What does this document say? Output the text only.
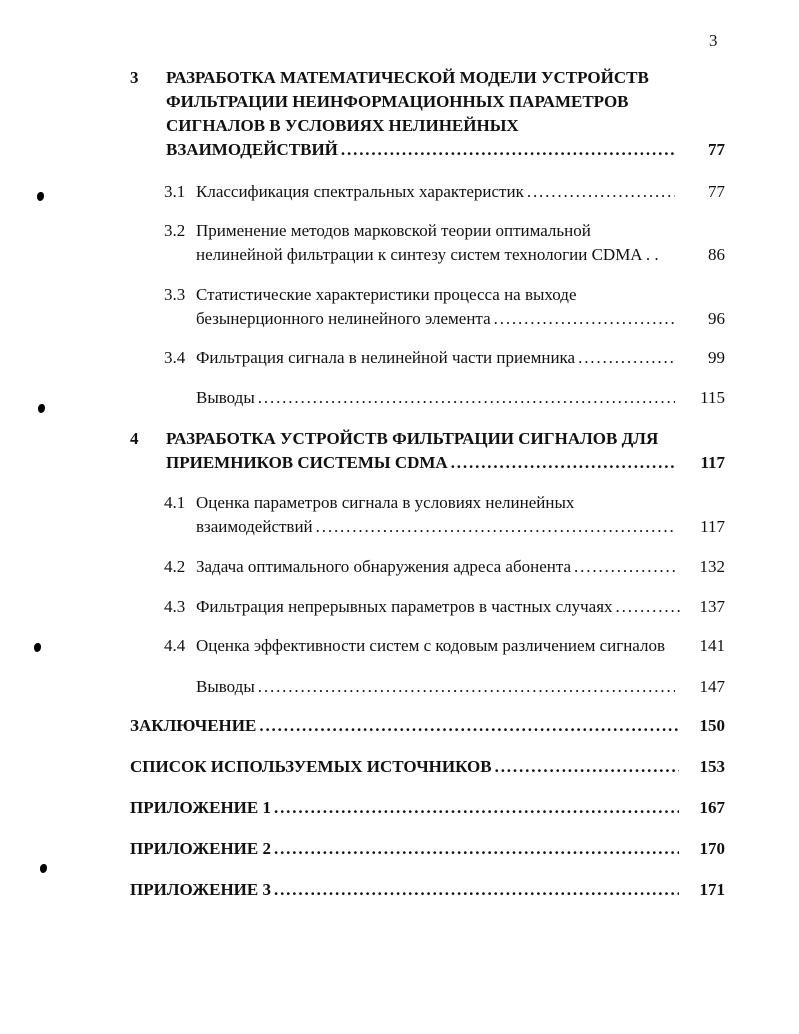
3
3 РАЗРАБОТКА МАТЕМАТИЧЕСКОЙ МОДЕЛИ УСТРОЙСТВ
ФИЛЬТРАЦИИ НЕИНФОРМАЦИОННЫХ ПАРАМЕТРОВ
СИГНАЛОВ В УСЛОВИЯХ НЕЛИНЕЙНЫХ
ВЗАИМОДЕЙСТВИЙ . . .	77
3.1 Классификация спектральных характеристик . . .	77
3.2 Применение методов марковской теории оптимальной
нелинейной фильтрации к синтезу систем технологии CDMA . .	86
3.3 Статистические характеристики процесса на выходе
безынерционного нелинейного элемента . . .	96
3.4 Фильтрация сигнала в нелинейной части приемника . . .	99
Выводы . . .	115
4 РАЗРАБОТКА УСТРОЙСТВ ФИЛЬТРАЦИИ СИГНАЛОВ ДЛЯ
ПРИЕМНИКОВ СИСТЕМЫ CDMA . . .	117
4.1 Оценка параметров сигнала в условиях нелинейных
взаимодействий . . .	117
4.2 Задача оптимального обнаружения адреса абонента . . .	132
4.3 Фильтрация непрерывных параметров в частных случаях . . .	137
4.4 Оценка эффективности систем с кодовым различением сигналов	141
Выводы . . .	147
ЗАКЛЮЧЕНИЕ . . .	150
СПИСОК ИСПОЛЬЗУЕМЫХ ИСТОЧНИКОВ . . .	153
ПРИЛОЖЕНИЕ 1 . . .	167
ПРИЛОЖЕНИЕ 2 . . .	170
ПРИЛОЖЕНИЕ 3 . . .	171
